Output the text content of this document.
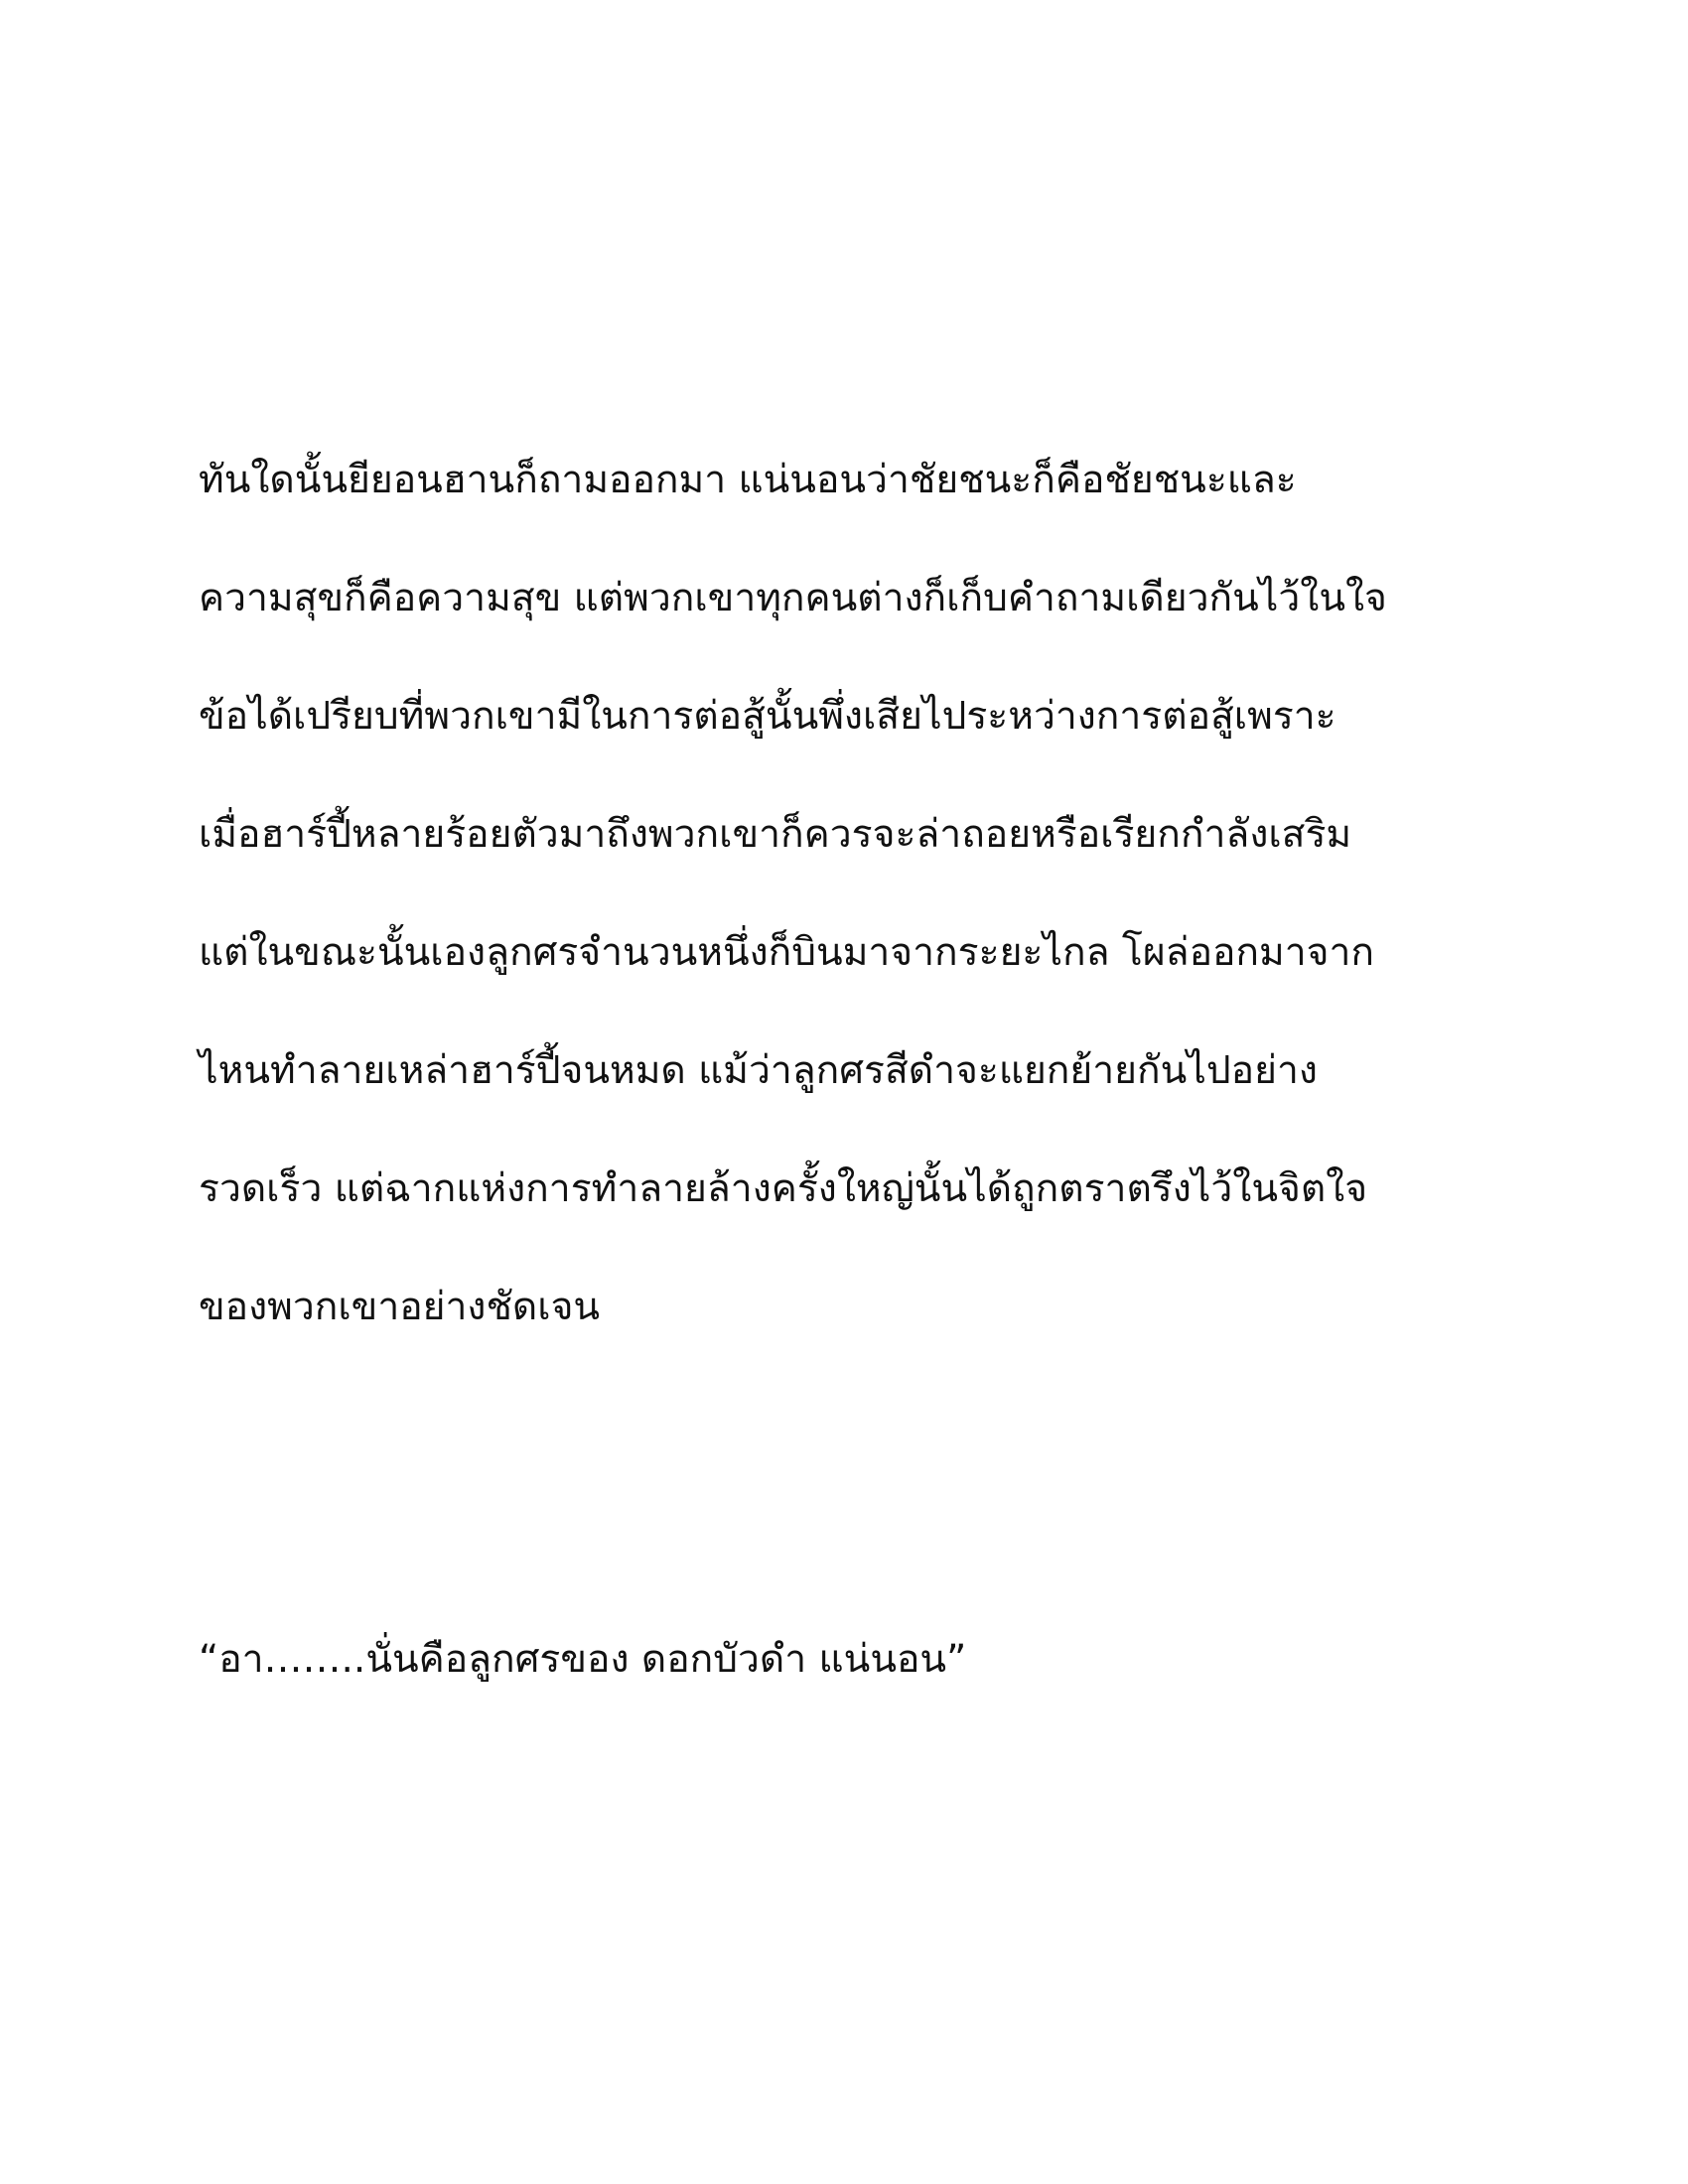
ทันใดนั้นยียอนฮานก็ถามออกมา แน่นอนว่าชัยชนะก็คือชัยชนะและ
ความสุขก็คือความสุข แต่พวกเขาทุกคนต่างก็เก็บคำถามเดียวกันไว้ในใจ
ข้อได้เปรียบที่พวกเขามีในการต่อสู้นั้นพึ่งเสียไประหว่างการต่อสู้เพราะ
เมื่อฮาร์ปี้หลายร้อยตัวมาถึงพวกเขาก็ควรจะล่าถอยหรือเรียกกำลังเสริม
แต่ในขณะนั้นเองลูกศรจำนวนหนึ่งก็บินมาจากระยะไกล โผล่ออกมาจาก
ไหนทำลายเหล่าฮาร์ปี้จนหมด แม้ว่าลูกศรสีดำจะแยกย้ายกันไปอย่าง
รวดเร็ว แต่ฉากแห่งการทำลายล้างครั้งใหญ่นั้นได้ถูกตราตรึงไว้ในจิตใจ
ของพวกเขาอย่างชัดเจน
“อา……..นั่นคือลูกศรของ ดอกบัวดำ แน่นอน”
